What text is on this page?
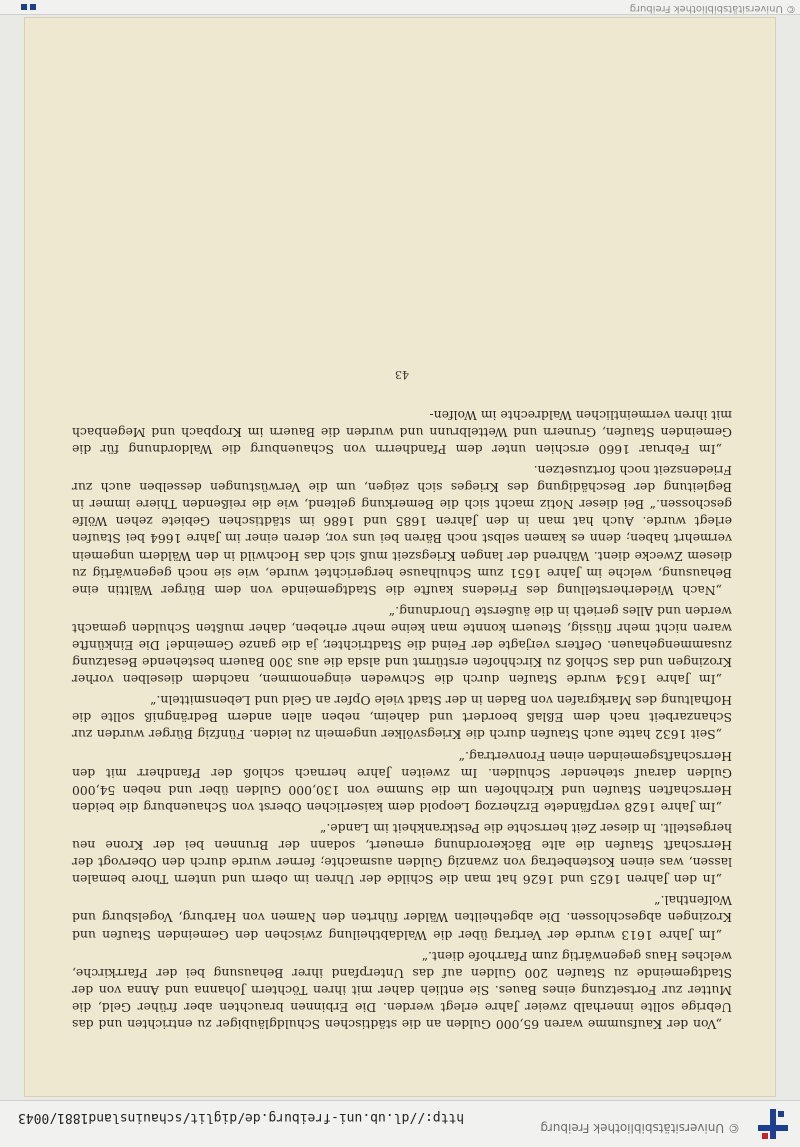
© Universitätsbibliothek Freiburg
http://dl.ub.uni-freiburg.de/diglit/schauinsland1881/0043

„Von der Kaufsumme waren 65,000 Gulden an die städtischen Schuldgläubiger zu entrichten und das Uebrige sollte innerhalb zweier Jahre erlegt werden. Die Erbinnen brauchten aber früher Geld, die Mutter zur Fortsetzung eines Baues. Sie entlieh daher mit ihren Töchtern Johanna und Anna von der Stadtgemeinde zu Staufen 200 Gulden auf das Unterpfand ihrer Behausung bei der Pfarrkirche, welches Haus gegenwärtig zum Pfarrhofe dient.“

„Im Jahre 1613 wurde der Vertrag über die Waldabtheilung zwischen den Gemeinden Staufen und Krozingen abgeschlossen. Die abgetheilten Wälder führten den Namen von Harburg, Vogelsburg und Wolfenthal.“

„In den Jahren 1625 und 1626 hat man die Schilde der Uhren im obern und untern Thore bemalen lassen, was einen Kostenbetrag von zwanzig Gulden ausmachte; ferner wurde durch den Obervogt der Herrschaft Staufen die alte Bäckerordnung erneuert, sodann der Brunnen bei der Krone neu hergestellt. In dieser Zeit herrschte die Pestkrankheit im Lande.“

„Im Jahre 1628 verpfändete Erzherzog Leopold dem kaiserlichen Oberst von Schauenburg die beiden Herrschaften Staufen und Kirchhofen um die Summe von 130,000 Gulden über und neben 54,000 Gulden darauf stehender Schulden. Im zweiten Jahre hernach schloß der Pfandherr mit den Herrschaftsgemeinden einen Fronvertrag.“

„Seit 1632 hatte auch Staufen durch die Kriegsvölker ungemein zu leiden. Fünfzig Bürger wurden zur Schanzarbeit nach dem Eßlaß beordert und daheim, neben allen andern Bedrängniß sollte die Hofhaltung des Markgrafen von Baden in der Stadt viele Opfer an Geld und Lebensmitteln.“

„Im Jahre 1634 wurde Staufen durch die Schweden eingenommen, nachdem dieselben vorher Krozingen und das Schloß zu Kirchhofen erstürmt und alsda die aus 300 Bauern bestehende Besatzung zusammengehauen. Oefters verjagte der Feind die Stadtrichter, ja die ganze Gemeinde! Die Einkünfte waren nicht mehr flüssig, Steuern konnte man keine mehr erheben, daher mußten Schulden gemacht werden und Alles gerieth in die äußerste Unordnung.“

„Nach Wiederherstellung des Friedens kaufte die Stadtgemeinde von dem Bürger Wälttin eine Behausung, welche im Jahre 1651 zum Schulhause hergerichtet wurde, wie sie noch gegenwärtig zu diesem Zwecke dient. Während der langen Kriegszeit muß sich das Hochwild in den Wäldern ungemein vermehrt haben; denn es kamen selbst noch Bären bei uns vor, deren einer im Jahre 1664 bei Staufen erlegt wurde. Auch hat man in den Jahren 1685 und 1686 im städtischen Gebiete zehen Wölfe geschossen.“ Bei dieser Notiz macht sich die Bemerkung geltend, wie die reißenden Thiere immer in Begleitung der Beschädigung des Krieges sich zeigen, um die Verwüstungen desselben auch zur Friedenszeit noch fortzusetzen.

„Im Februar 1660 erschien unter dem Pfandherrn von Schauenburg die Waldordnung für die Gemeinden Staufen, Grunern und Wettelbrunn und wurden die Bauern im Kropbach und Megenbach mit ihren vermeintlichen Waldrechte im Wolfen-

43
© Universitätsbibliothek Freiburg
